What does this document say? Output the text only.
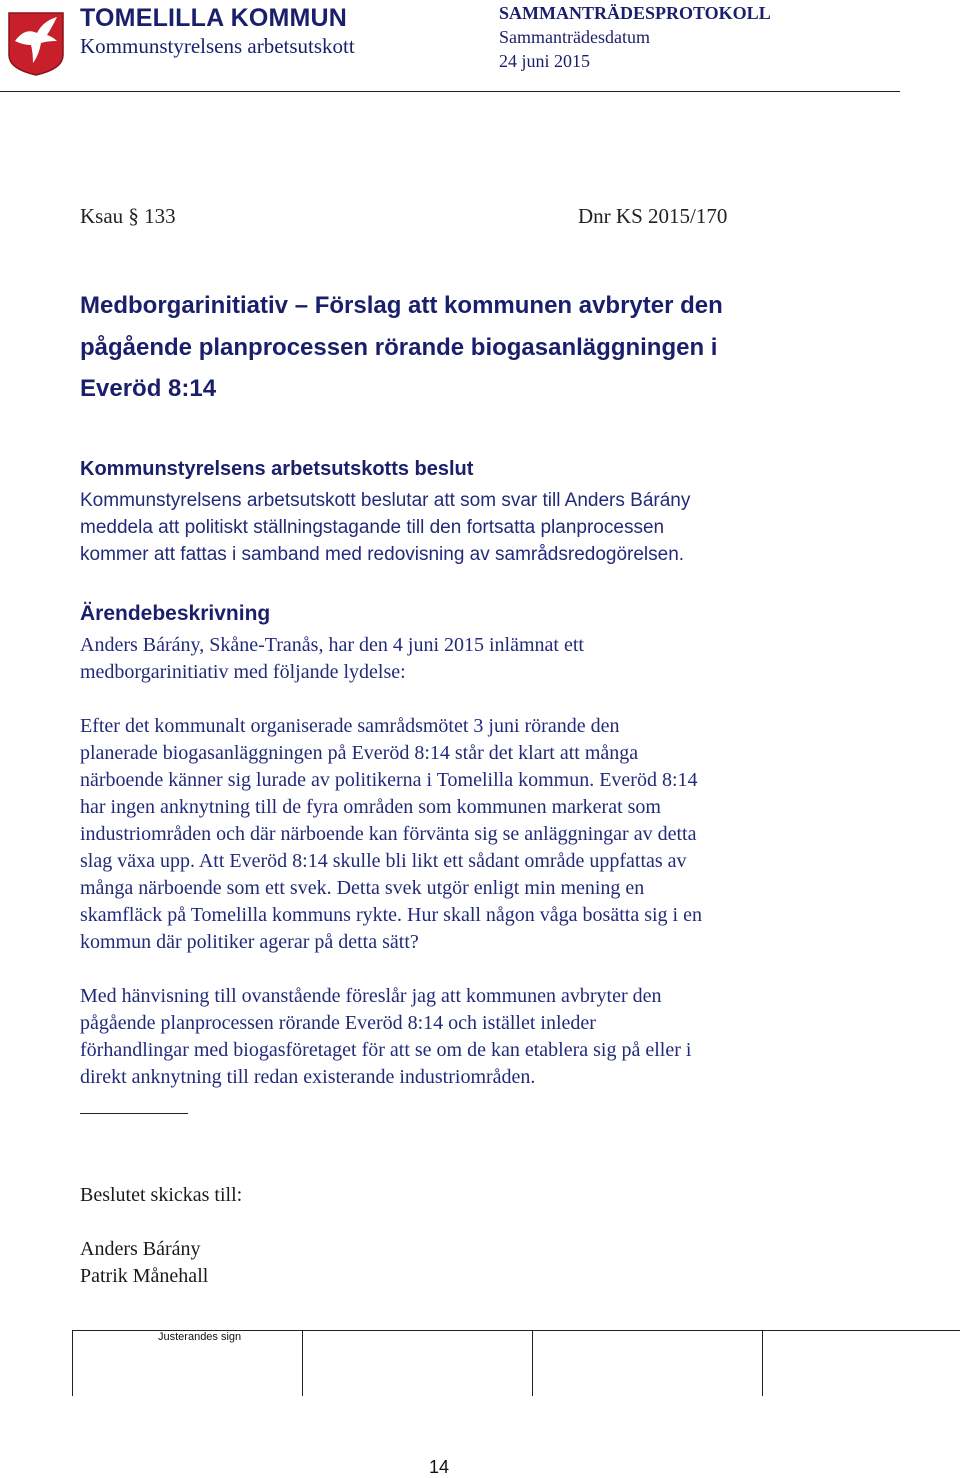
TOMELILLA KOMMUN
Kommunstyrelsens arbetsutskott
SAMMANTRÄDESPROTOKOLL
Sammanträdesdatum
24 juni 2015
Ksau § 133	Dnr KS 2015/170
Medborgarinitiativ – Förslag att kommunen avbryter den
pågående planprocessen rörande biogasanläggningen i
Everöd 8:14
Kommunstyrelsens arbetsutskotts beslut
Kommunstyrelsens arbetsutskott beslutar att som svar till Anders Bárány
meddela att politiskt ställningstagande till den fortsatta planprocessen
kommer att fattas i samband med redovisning av samrådsredogörelsen.
Ärendebeskrivning
Anders Bárány, Skåne-Tranås, har den 4 juni 2015 inlämnat ett
medborgarinitiativ med följande lydelse:
Efter det kommunalt organiserade samrådsmötet 3 juni rörande den
planerade biogasanläggningen på Everöd 8:14 står det klart att många
närboende känner sig lurade av politikerna i Tomelilla kommun. Everöd 8:14
har ingen anknytning till de fyra områden som kommunen markerat som
industriområden och där närboende kan förvänta sig se anläggningar av detta
slag växa upp. Att Everöd 8:14 skulle bli likt ett sådant område uppfattas av
många närboende som ett svek. Detta svek utgör enligt min mening en
skamfläck på Tomelilla kommuns rykte. Hur skall någon våga bosätta sig i en
kommun där politiker agerar på detta sätt?
Med hänvisning till ovanstående föreslår jag att kommunen avbryter den
pågående planprocessen rörande Everöd 8:14 och istället inleder
förhandlingar med biogasföretaget för att se om de kan etablera sig på eller i
direkt anknytning till redan existerande industriområden.
Beslutet skickas till:
Anders Bárány
Patrik Månehall
Justerandes sign
14
